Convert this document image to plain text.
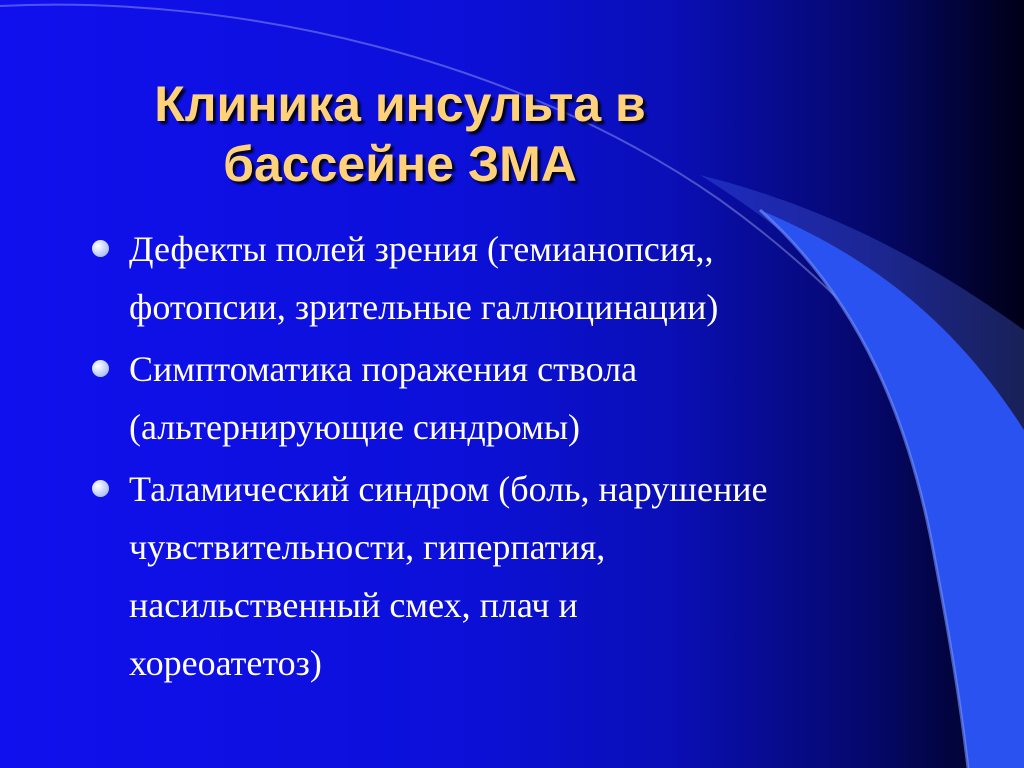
Клиника инсульта в
бассейне ЗМА
Дефекты полей зрения (гемианопсия,,
фотопсии, зрительные галлюцинации)
Симптоматика поражения ствола
(альтернирующие синдромы)
Таламический синдром (боль, нарушение
чувствительности, гиперпатия,
насильственный смех, плач и
хореоатетоз)
